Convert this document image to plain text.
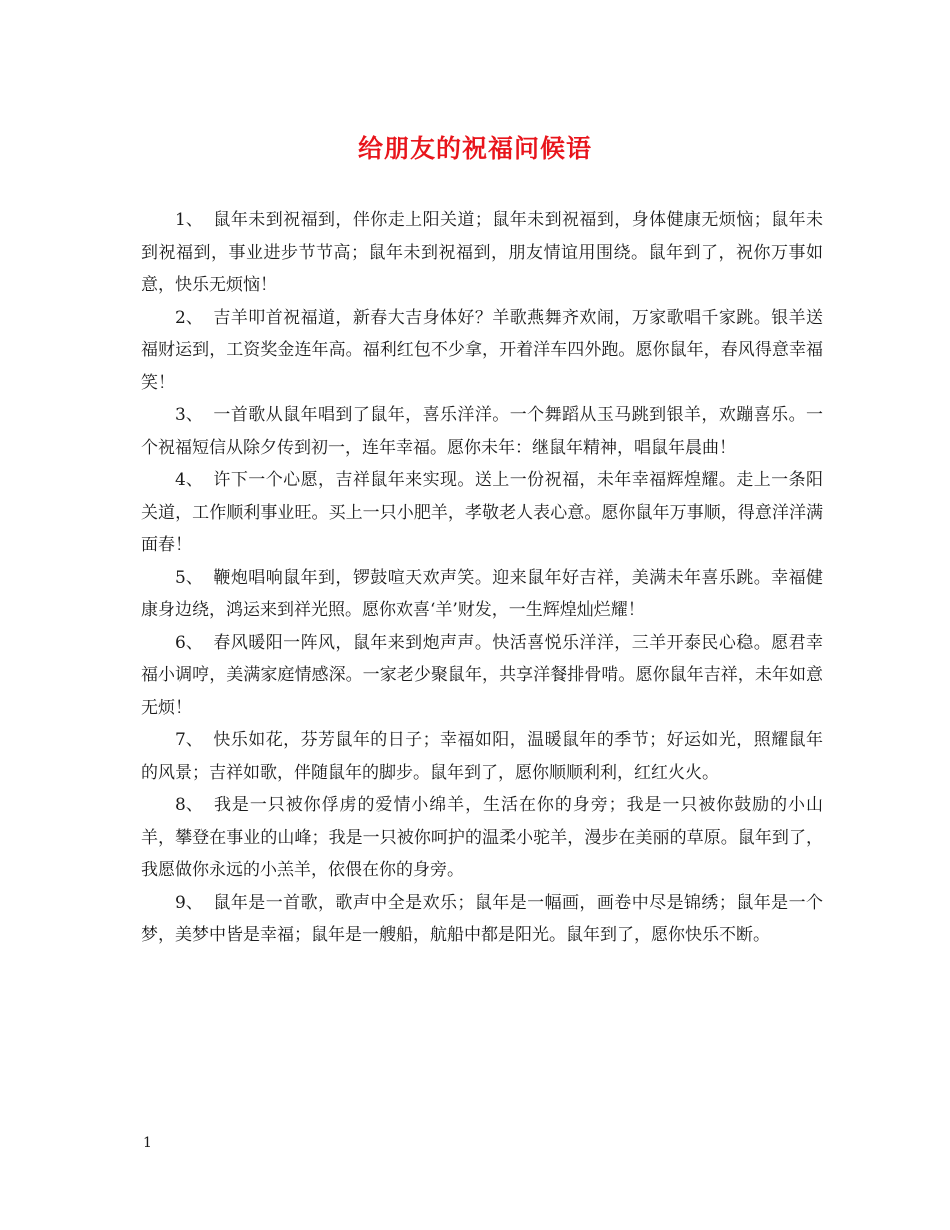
给朋友的祝福问候语

1、 鼠年未到祝福到，伴你走上阳关道；鼠年未到祝福到，身体健康无烦恼；鼠年未到祝福到，事业进步节节高；鼠年未到祝福到，朋友情谊用围绕。鼠年到了，祝你万事如意，快乐无烦恼！

2、 吉羊叩首祝福道，新春大吉身体好？羊歌燕舞齐欢闹，万家歌唱千家跳。银羊送福财运到，工资奖金连年高。福利红包不少拿，开着洋车四外跑。愿你鼠年，春风得意幸福笑！

3、 一首歌从鼠年唱到了鼠年，喜乐洋洋。一个舞蹈从玉马跳到银羊，欢蹦喜乐。一个祝福短信从除夕传到初一，连年幸福。愿你未年：继鼠年精神，唱鼠年晨曲！

4、 许下一个心愿，吉祥鼠年来实现。送上一份祝福，未年幸福辉煌耀。走上一条阳关道，工作顺利事业旺。买上一只小肥羊，孝敬老人表心意。愿你鼠年万事顺，得意洋洋满面春！

5、 鞭炮唱响鼠年到，锣鼓喧天欢声笑。迎来鼠年好吉祥，美满未年喜乐跳。幸福健康身边绕，鸿运来到祥光照。愿你欢喜‘羊’财发，一生辉煌灿烂耀！

6、 春风暖阳一阵风，鼠年来到炮声声。快活喜悦乐洋洋，三羊开泰民心稳。愿君幸福小调哼，美满家庭情感深。一家老少聚鼠年，共享洋餐排骨啃。愿你鼠年吉祥，未年如意无烦！

7、 快乐如花，芬芳鼠年的日子；幸福如阳，温暖鼠年的季节；好运如光，照耀鼠年的风景；吉祥如歌，伴随鼠年的脚步。鼠年到了，愿你顺顺利利，红红火火。

8、 我是一只被你俘虏的爱情小绵羊，生活在你的身旁；我是一只被你鼓励的小山羊，攀登在事业的山峰；我是一只被你呵护的温柔小驼羊，漫步在美丽的草原。鼠年到了，我愿做你永远的小羔羊，依偎在你的身旁。

9、 鼠年是一首歌，歌声中全是欢乐；鼠年是一幅画，画卷中尽是锦绣；鼠年是一个梦，美梦中皆是幸福；鼠年是一艘船，航船中都是阳光。鼠年到了，愿你快乐不断。

1
